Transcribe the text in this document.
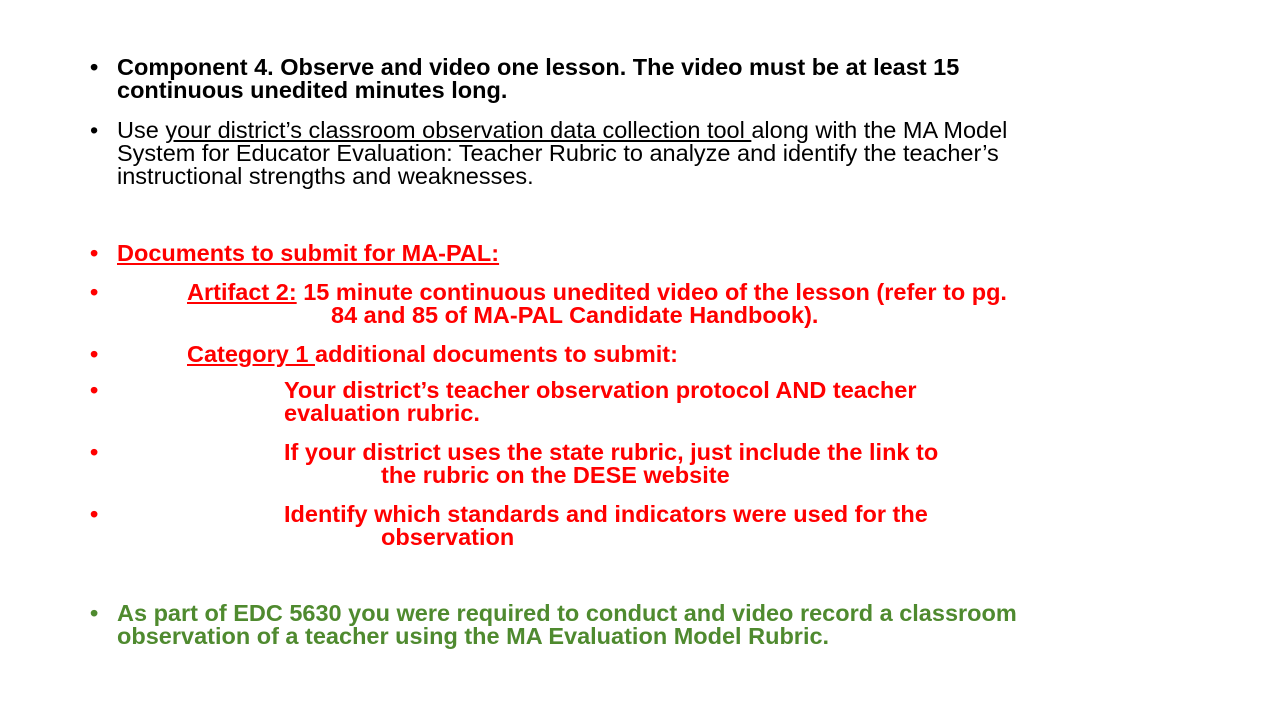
• Component 4. Observe and video one lesson. The video must be at least 15
continuous unedited minutes long.
• Use your district’s classroom observation data collection tool along with the MA Model
System for Educator Evaluation: Teacher Rubric to analyze and identify the teacher’s
instructional strengths and weaknesses.
• Documents to submit for MA-PAL:
•	Artifact 2: 15 minute continuous unedited video of the lesson (refer to pg.
84 and 85 of MA-PAL Candidate Handbook).
•	Category 1 additional documents to submit:
•	Your district’s teacher observation protocol AND teacher
evaluation rubric.
•	If your district uses the state rubric, just include the link to
the rubric on the DESE website
•	Identify which standards and indicators were used for the
observation
• As part of EDC 5630 you were required to conduct and video record a classroom
observation of a teacher using the MA Evaluation Model Rubric.
